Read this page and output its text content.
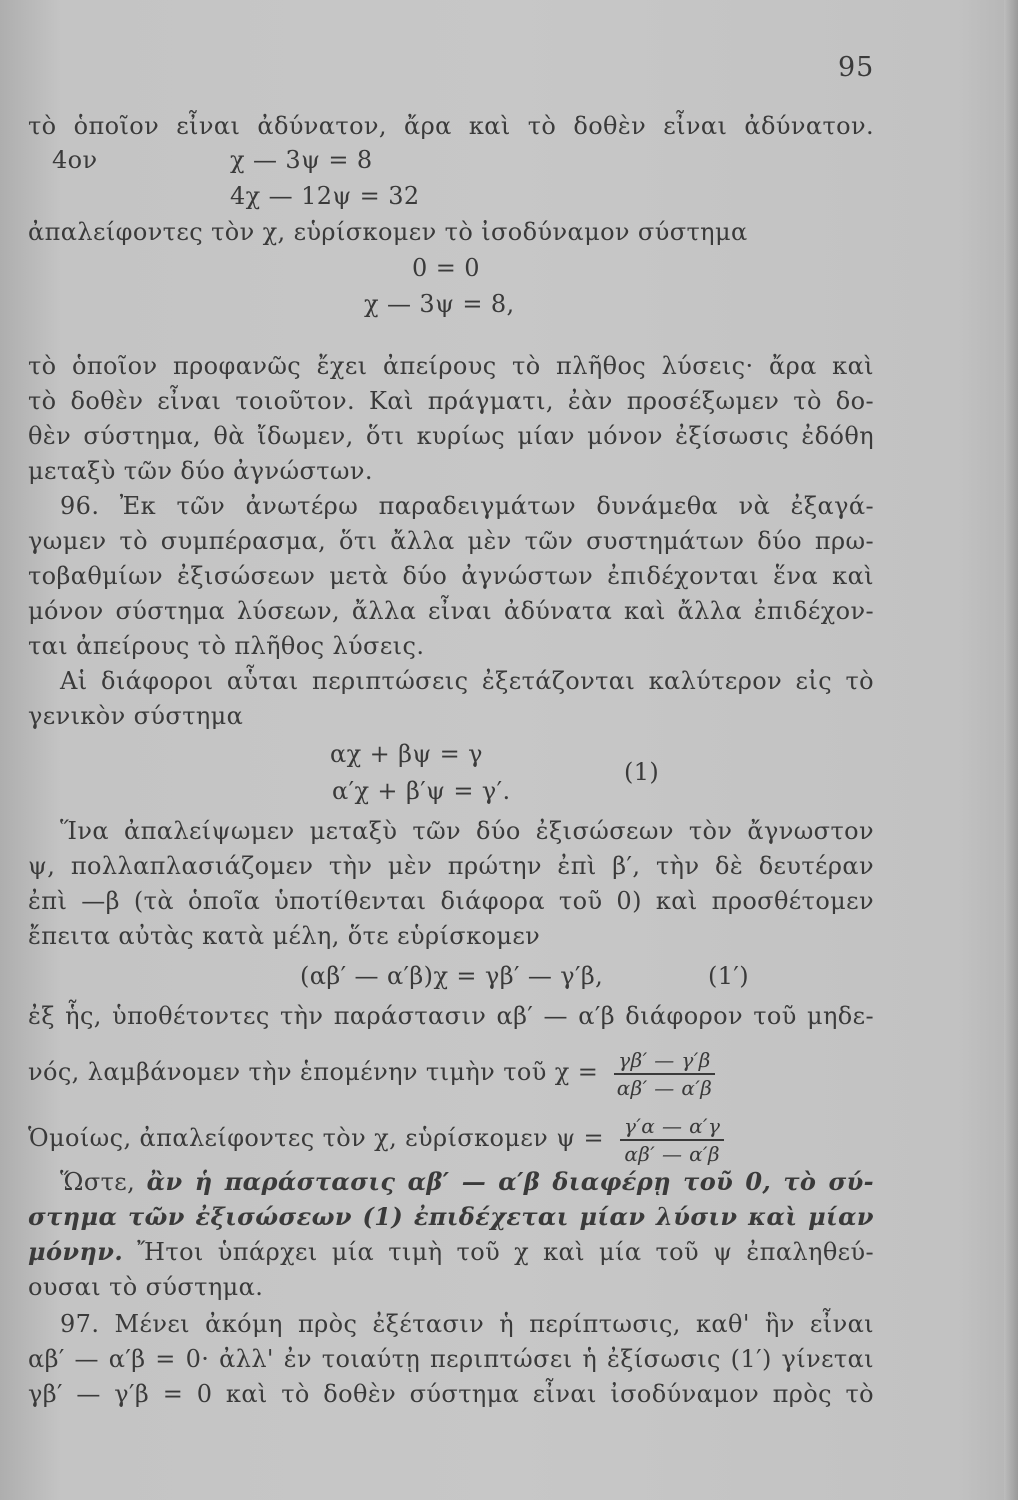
95
τὸ ὁποῖον εἶναι ἀδύνατον, ἄρα καὶ τὸ δοθὲν εἶναι ἀδύνατον.
4ον	χ — 3ψ = 8
4χ — 12ψ = 32
ἀπαλείφοντες τὸν χ, εὑρίσκομεν τὸ ἰσοδύναμον σύστημα
0 = 0
χ — 3ψ = 8,
τὸ ὁποῖον προφανῶς ἔχει ἀπείρους τὸ πλῆθος λύσεις· ἄρα καὶ
τὸ δοθὲν εἶναι τοιοῦτον. Καὶ πράγματι, ἐὰν προσέξωμεν τὸ δο-
θὲν σύστημα, θὰ ἴδωμεν, ὅτι κυρίως μίαν μόνον ἐξίσωσις ἐδόθη
μεταξὺ τῶν δύο ἀγνώστων.
96. Ἐκ τῶν ἀνωτέρω παραδειγμάτων δυνάμεθα νὰ ἐξαγά-
γωμεν τὸ συμπέρασμα, ὅτι ἄλλα μὲν τῶν συστημάτων δύο πρω-
τοβαθμίων ἐξισώσεων μετὰ δύο ἀγνώστων ἐπιδέχονται ἕνα καὶ
μόνον σύστημα λύσεων, ἄλλα εἶναι ἀδύνατα καὶ ἄλλα ἐπιδέχον-
ται ἀπείρους τὸ πλῆθος λύσεις.
Αἱ διάφοροι αὗται περιπτώσεις ἐξετάζονται καλύτερον εἰς τὸ
γενικὸν σύστημα
αχ + βψ = γ
α′χ + β′ψ = γ′.
(1)
Ἵνα ἀπαλείψωμεν μεταξὺ τῶν δύο ἐξισώσεων τὸν ἄγνωστον
ψ, πολλαπλασιάζομεν τὴν μὲν πρώτην ἐπὶ β′, τὴν δὲ δευτέραν
ἐπὶ —β (τὰ ὁποῖα ὑποτίθενται διάφορα τοῦ 0) καὶ προσθέτομεν
ἔπειτα αὐτὰς κατὰ μέλη, ὅτε εὑρίσκομεν
(αβ′ — α′β)χ = γβ′ — γ′β,	(1′)
ἐξ ἧς, ὑποθέτοντες τὴν παράστασιν αβ′ — α′β διάφορον τοῦ μηδε-
νός, λαμβάνομεν τὴν ἑπομένην τιμὴν τοῦ $\chi = \frac{\gamma\beta' — \gamma'\beta}{\alpha\beta' — \alpha'\beta}$
Ὁμοίως, ἀπαλείφοντες τὸν χ, εὑρίσκομεν $\psi = \frac{\gamma'\alpha — \alpha'\gamma}{\alpha\beta' — \alpha'\beta}$
Ὥστε, ἂν ἡ παράστασις αβ′ — α′β διαφέρῃ τοῦ 0, τὸ σύ-
στημα τῶν ἐξισώσεων (1) ἐπιδέχεται μίαν λύσιν καὶ μίαν
μόνην. Ἤτοι ὑπάρχει μία τιμὴ τοῦ χ καὶ μία τοῦ ψ ἐπαληθεύ-
ουσαι τὸ σύστημα.
97. Μένει ἀκόμη πρὸς ἐξέτασιν ἡ περίπτωσις, καθ' ἣν εἶναι
αβ′ — α′β = 0· ἀλλ' ἐν τοιαύτῃ περιπτώσει ἡ ἐξίσωσις (1′) γίνεται
γβ′ — γ′β = 0 καὶ τὸ δοθὲν σύστημα εἶναι ἰσοδύναμον πρὸς τὸ
